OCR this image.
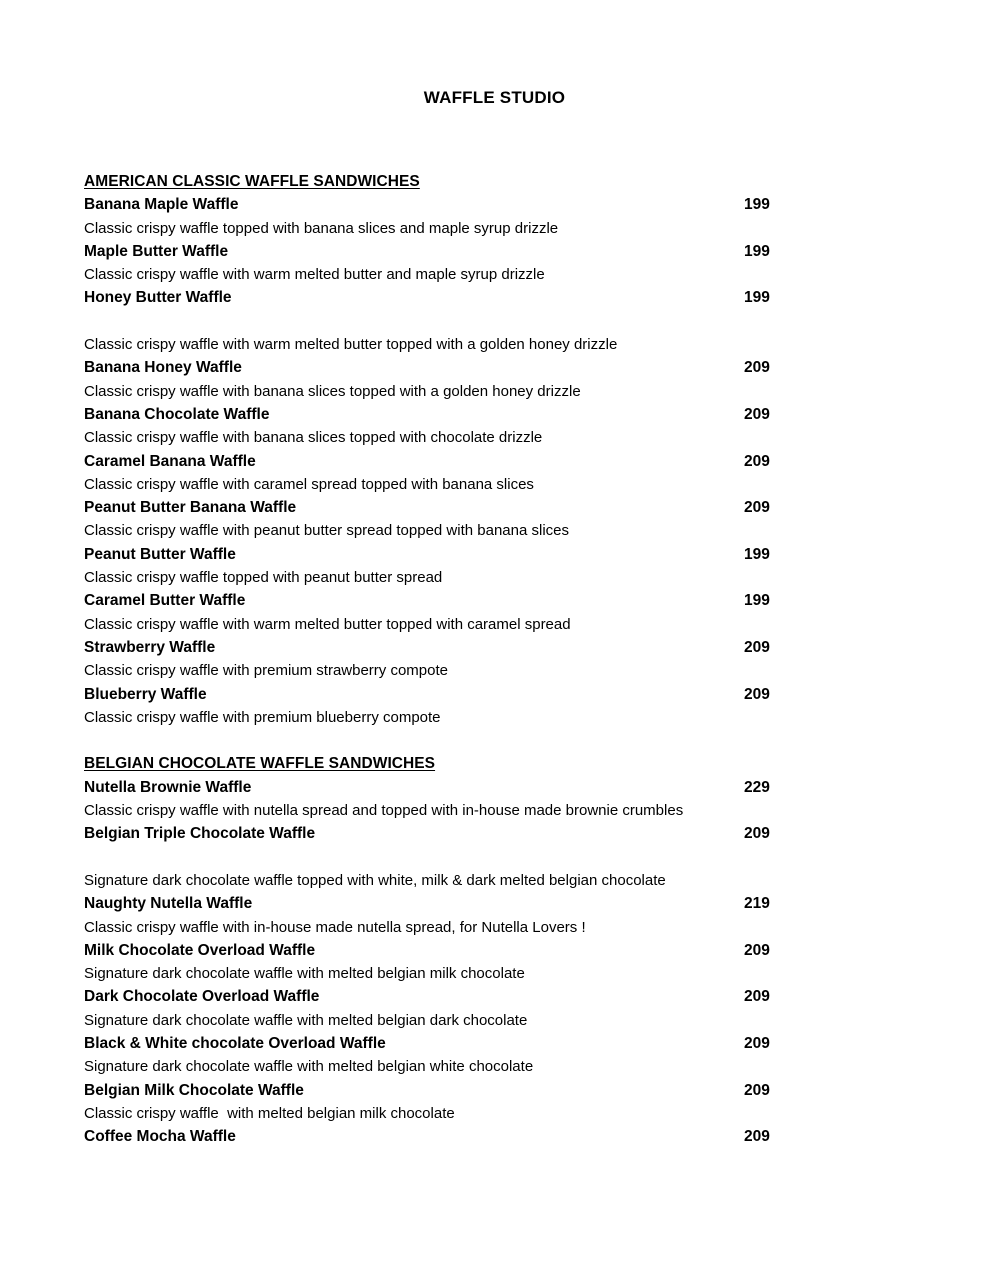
WAFFLE STUDIO
AMERICAN CLASSIC WAFFLE SANDWICHES
Banana Maple Waffle	199
Classic crispy waffle topped with banana slices and maple syrup drizzle
Maple Butter Waffle	199
Classic crispy waffle with warm melted butter and maple syrup drizzle
Honey Butter Waffle	199

Classic crispy waffle with warm melted butter topped with a golden honey drizzle
Banana Honey Waffle	209
Classic crispy waffle with banana slices topped with a golden honey drizzle
Banana Chocolate Waffle	209
Classic crispy waffle with banana slices topped with chocolate drizzle
Caramel Banana Waffle	209
Classic crispy waffle with caramel spread topped with banana slices
Peanut Butter Banana Waffle	209
Classic crispy waffle with peanut butter spread topped with banana slices
Peanut Butter Waffle	199
Classic crispy waffle topped with peanut butter spread
Caramel Butter Waffle	199
Classic crispy waffle with warm melted butter topped with caramel spread
Strawberry Waffle	209
Classic crispy waffle with premium strawberry compote
Blueberry Waffle	209
Classic crispy waffle with premium blueberry compote
BELGIAN CHOCOLATE WAFFLE SANDWICHES
Nutella Brownie Waffle	229
Classic crispy waffle with nutella spread and topped with in-house made brownie crumbles
Belgian Triple Chocolate Waffle	209

Signature dark chocolate waffle topped with white, milk & dark melted belgian chocolate
Naughty Nutella Waffle	219
Classic crispy waffle with in-house made nutella spread, for Nutella Lovers !
Milk Chocolate Overload Waffle	209
Signature dark chocolate waffle with melted belgian milk chocolate
Dark Chocolate Overload Waffle	209
Signature dark chocolate waffle with melted belgian dark chocolate
Black & White chocolate Overload Waffle	209
Signature dark chocolate waffle with melted belgian white chocolate
Belgian Milk Chocolate Waffle	209
Classic crispy waffle  with melted belgian milk chocolate
Coffee Mocha Waffle	209
